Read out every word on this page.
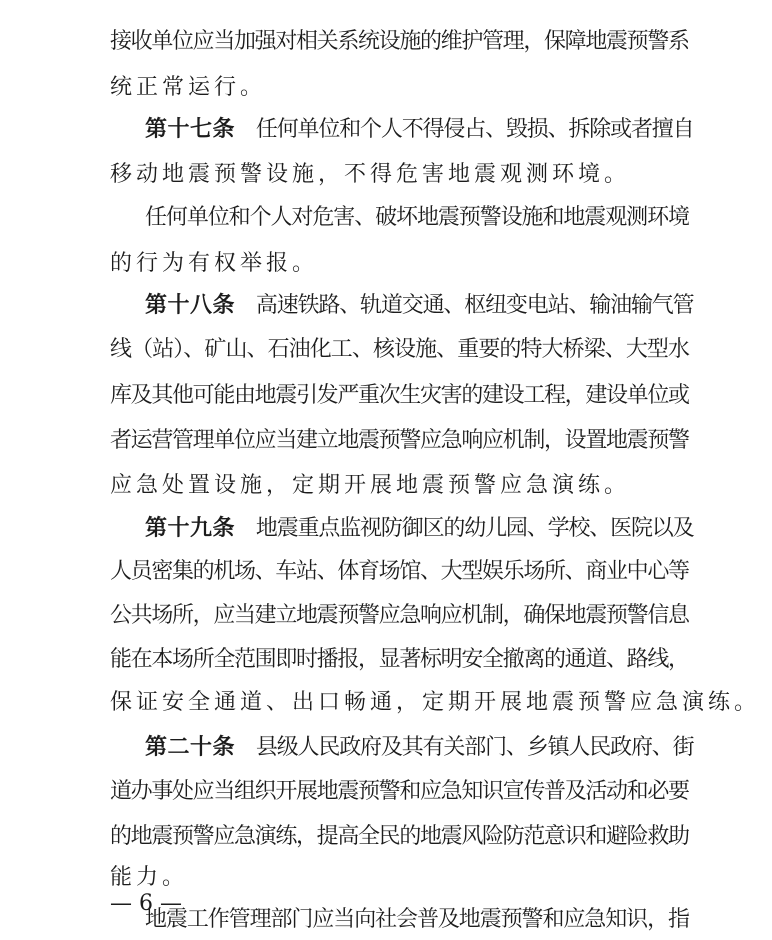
接收单位应当加强对相关系统设施的维护管理，保障地震预警系
统正常运行。
第十七条　任何单位和个人不得侵占、毁损、拆除或者擅自
移动地震预警设施，不得危害地震观测环境。
任何单位和个人对危害、破坏地震预警设施和地震观测环境
的行为有权举报。
第十八条　高速铁路、轨道交通、枢纽变电站、输油输气管
线（站）、矿山、石油化工、核设施、重要的特大桥梁、大型水
库及其他可能由地震引发严重次生灾害的建设工程，建设单位或
者运营管理单位应当建立地震预警应急响应机制，设置地震预警
应急处置设施，定期开展地震预警应急演练。
第十九条　地震重点监视防御区的幼儿园、学校、医院以及
人员密集的机场、车站、体育场馆、大型娱乐场所、商业中心等
公共场所，应当建立地震预警应急响应机制，确保地震预警信息
能在本场所全范围即时播报，显著标明安全撤离的通道、路线，
保证安全通道、出口畅通，定期开展地震预警应急演练。
第二十条　县级人民政府及其有关部门、乡镇人民政府、街
道办事处应当组织开展地震预警和应急知识宣传普及活动和必要
的地震预警应急演练，提高全民的地震风险防范意识和避险救助
能力。
地震工作管理部门应当向社会普及地震预警和应急知识，指
— 6 —
